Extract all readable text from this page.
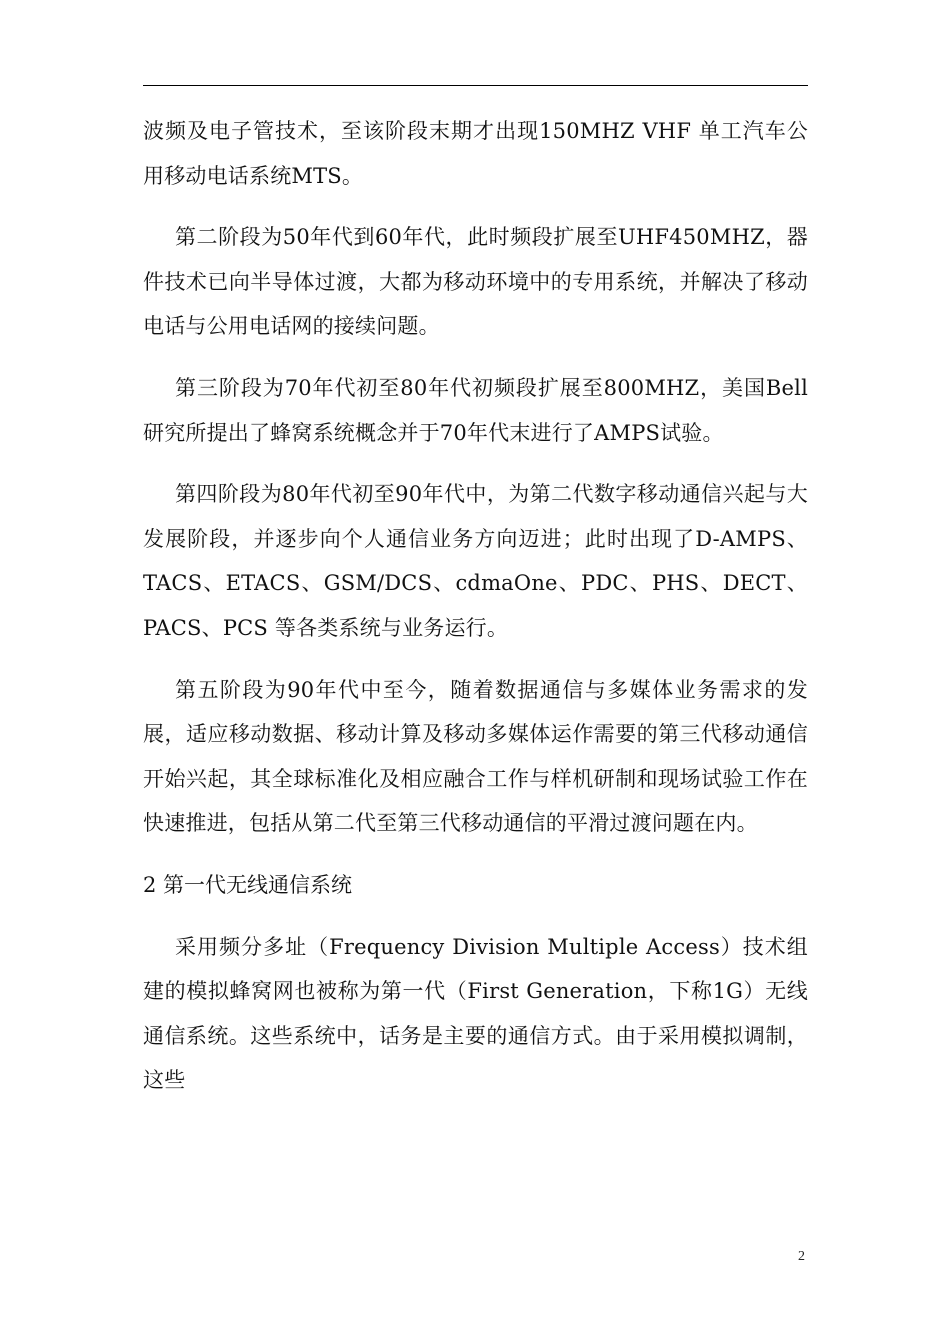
波频及电子管技术，至该阶段末期才出现150MHZ VHF 单工汽车公用移动电话系统MTS。

第二阶段为50年代到60年代，此时频段扩展至UHF450MHZ，器件技术已向半导体过渡，大都为移动环境中的专用系统，并解决了移动电话与公用电话网的接续问题。

第三阶段为70年代初至80年代初频段扩展至800MHZ，美国Bell研究所提出了蜂窝系统概念并于70年代末进行了AMPS试验。

第四阶段为80年代初至90年代中，为第二代数字移动通信兴起与大发展阶段，并逐步向个人通信业务方向迈进；此时出现了D-AMPS、TACS、ETACS、GSM/DCS、cdmaOne、PDC、PHS、DECT、PACS、PCS 等各类系统与业务运行。

第五阶段为90年代中至今，随着数据通信与多媒体业务需求的发展，适应移动数据、移动计算及移动多媒体运作需要的第三代移动通信开始兴起，其全球标准化及相应融合工作与样机研制和现场试验工作在快速推进，包括从第二代至第三代移动通信的平滑过渡问题在内。

2 第一代无线通信系统

采用频分多址（Frequency Division Multiple Access）技术组建的模拟蜂窝网也被称为第一代（First Generation，下称1G）无线通信系统。这些系统中，话务是主要的通信方式。由于采用模拟调制，这些

2
